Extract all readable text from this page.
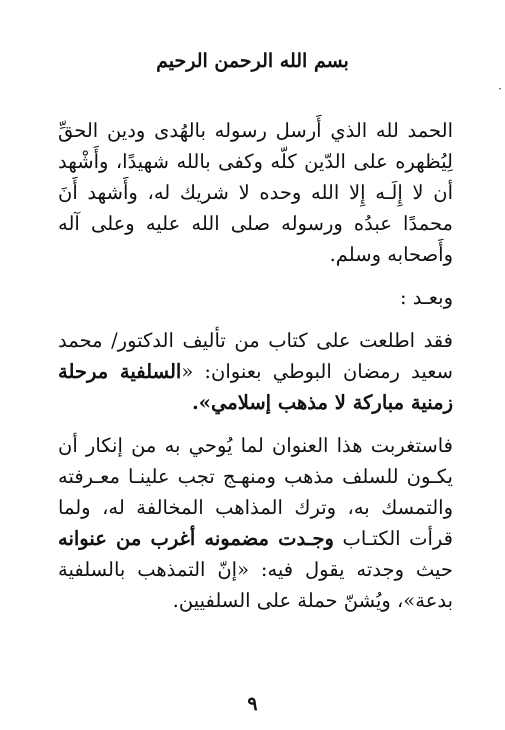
بسم الله الرحمن الرحيم
·

الحمد لله الذي أَرسل رسوله بالهُدى ودين الحقِّ لِيُظهره على الدّين كلّه وكفى بالله شهيدًا، وأَشْهد أن لا إِلَـه إِلا الله وحده لا شريك له، وأَشهد أَنَ محمدًا عبدُه ورسوله صلى الله عليه وعلى آله وأَصحابه وسلم.

وبعـد :

فقد اطلعت على كتاب من تأليف الدكتور/ محمد سعيد رمضان البوطي بعنوان: «السلفية مرحلة زمنية مباركة لا مذهب إسلامي».

فاستغربت هذا العنوان لما يُوحي به من إنكار أن يكـون للسلف مذهب ومنهـج تجب علينـا معـرفته والتمسك به، وترك المذاهب المخالفة له، ولما قرأت الكتـاب وجـدت مضمونه أغرب من عنوانه حيث وجدته يقول فيه: «إنّ التمذهب بالسلفية بدعة»، ويُشنّ حملة على السلفيين.

٩
